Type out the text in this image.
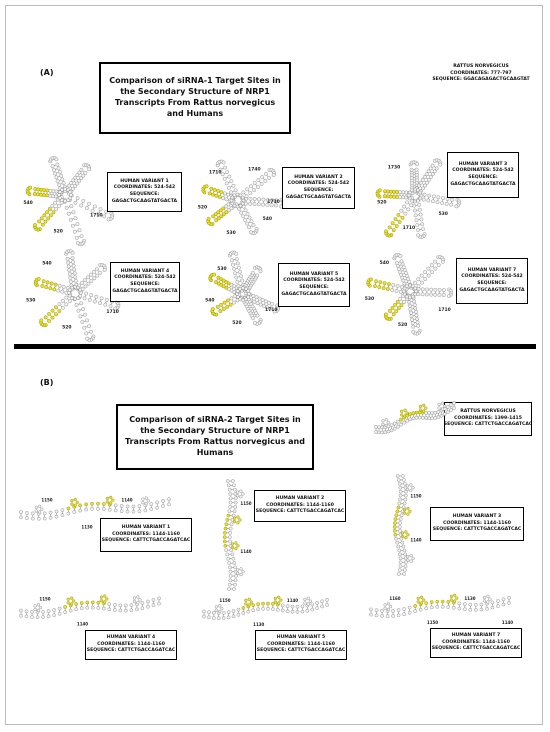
(A)
Comparison of siRNA-1 Target Sites in the Secondary Structure of NRP1 Transcripts From Rattus norvegicus and Humans
RATTUS NORVEGICUS
COORDINATES: 777-797
SEQUENCE: GGACAGAGACTGCAAGTAT
1710
520
540
540
530
520
1710
1740
1730
530
1710
520
1730
1710
520
530
540
1710
520
540
530
1710
520
530
540
HUMAN VARIANT 1
COORDINATES: 524-542
SEQUENCE:
GAGACTGCAAGTATGACTA
HUMAN VARIANT 2
COORDINATES: 524-542
SEQUENCE:
GAGACTGCAAGTATGACTA
HUMAN VARIANT 3
COORDINATES: 524-542
SEQUENCE:
GAGACTGCAAGTATGACTA
HUMAN VARIANT 4
COORDINATES: 524-542
SEQUENCE:
GAGACTGCAAGTATGACTA
HUMAN VARIANT 5
COORDINATES: 524-542
SEQUENCE:
GAGACTGCAAGTATGACTA
HUMAN VARIANT 7
COORDINATES: 524-542
SEQUENCE:
GAGACTGCAAGTATGACTA
(B)
Comparison of siRNA-2 Target Sites in the Secondary Structure of NRP1 Transcripts From Rattus norvegicus and Humans
RATTUS NORVEGICUS
COORDINATES: 1399-1415
SEQUENCE: CATTCTGACCAGATCAC
1150
1130
1140
1150
1140
1150
1140
1150
1140
1150
1130
1140	1160
1150
1130
1140
HUMAN VARIANT 1
COORDINATES: 1144-1160
SEQUENCE: CATTCTGACCAGATCAC
HUMAN VARIANT 2
COORDINATES: 1144-1160
SEQUENCE: CATTCTGACCAGATCAC
HUMAN VARIANT 3
COORDINATES: 1144-1160
SEQUENCE: CATTCTGACCAGATCAC
HUMAN VARIANT 4
COORDINATES: 1144-1160
SEQUENCE: CATTCTGACCAGATCAC
HUMAN VARIANT 5
COORDINATES: 1144-1160
SEQUENCE: CATTCTGACCAGATCAC
HUMAN VARIANT 7
COORDINATES: 1144-1160
SEQUENCE: CATTCTGACCAGATCAC
